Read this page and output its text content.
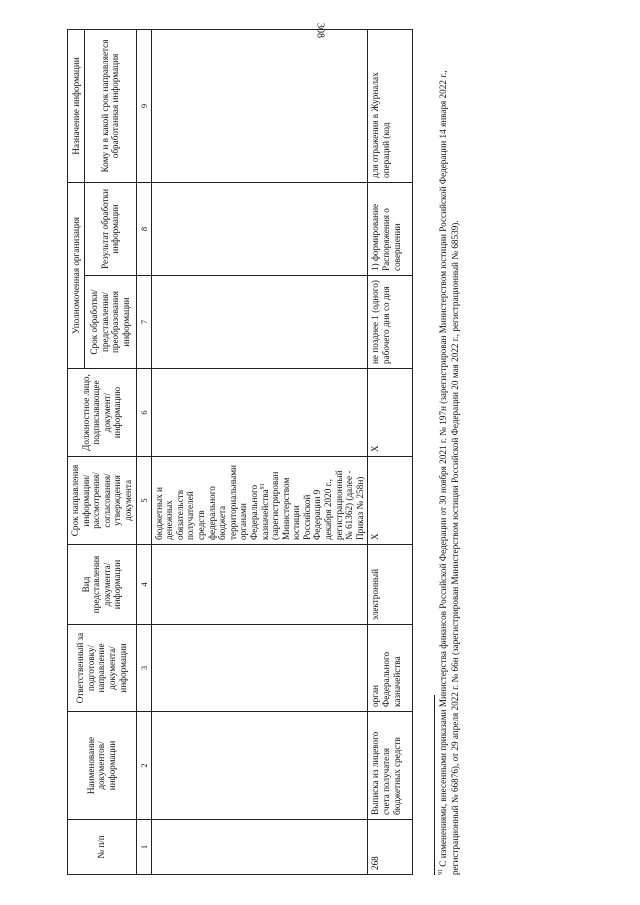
308
№ п/п	Наименование документов/ информации	Ответственный за подготовку/ направление документа/ информации	Вид представления документа/ информации	Срок направления информации/ рассмотрения/ согласования/ утверждения документа	Должностное лицо, подписывающее документ/ информацию	Уполномоченная организация		Назначение информации
						Срок обработки/ представления/ преобразования информации	Результат обработки информации	Кому и в какой срок направляется обработанная информация
1	2	3	4	5	6	7	8	9
				бюджетных и денежных обязательств получателей средств федерального бюджета территориальными органами Федерального казначейства$^{91}$ (зарегистрирован Министерством юстиции Российской Федерации 9 декабря 2020 г., регистрационный № 61362) (далее - Приказ № 258н)				
268	Выписка из лицевого счета получателя бюджетных средств	орган Федерального казначейства	электронный	Х	Х	не позднее 1 (одного) рабочего дня со дня	1) формирование Распоряжения о совершении	для отражения в Журналах операций (код
$^{91}$ С изменениями, внесенными приказами Министерства финансов Российской Федерации от 30 ноября 2021 г. № 197н (зарегистрирован Министерством юстиции Российской Федерации 14 января 2022 г., регистрационный № 66876), от 29 апреля 2022 г. № 66н (зарегистрирован Министерством юстиции Российской Федерации 20 мая 2022 г., регистрационный № 68539).
